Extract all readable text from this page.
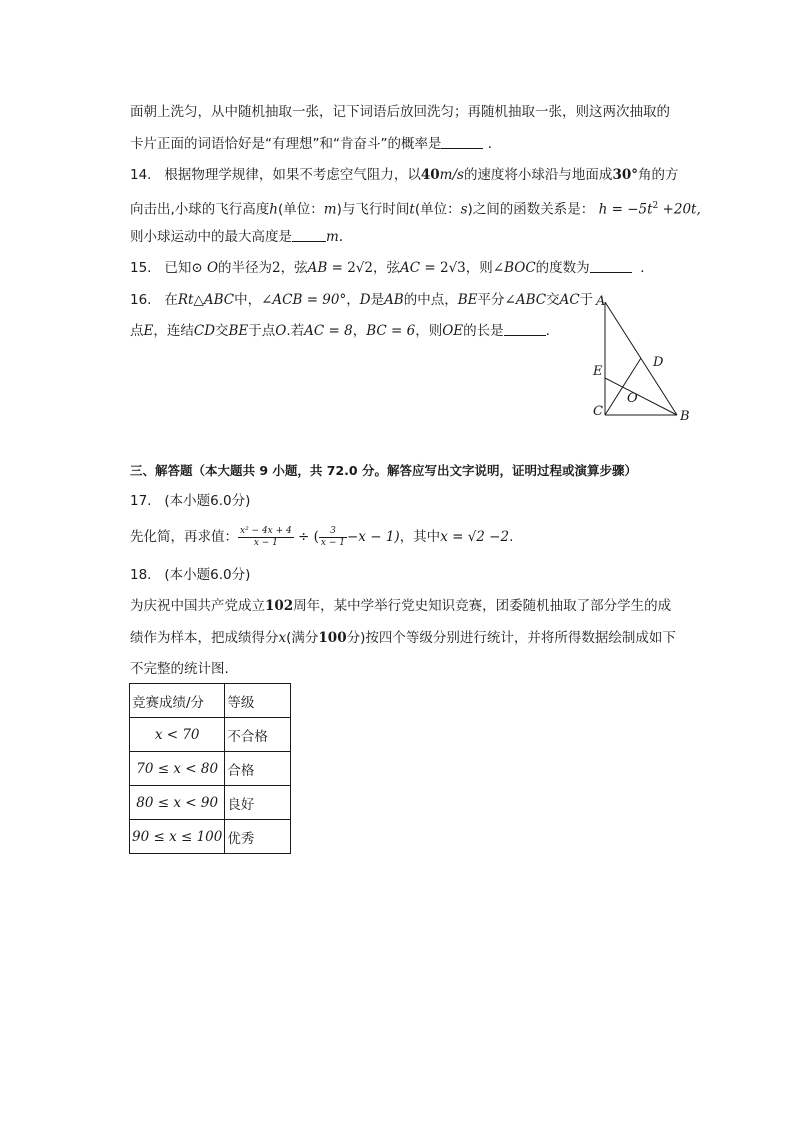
面朝上洗匀，从中随机抽取一张，记下词语后放回洗匀；再随机抽取一张，则这两次抽取的
卡片正面的词语恰好是“有理想”和“肯奋斗”的概率是	．
14. 根据物理学规律，如果不考虑空气阻力，以40m/s的速度将小球沿与地面成30°角的方
向击出,小球的飞行高度h(单位：m)与飞行时间t(单位：s)之间的函数关系是： $h = -5t^2 +20t$,
则小球运动中的最大高度是	m.
15. 已知⊙ O的半径为2，弦AB = 2√2，弦AC = 2√3，则∠BOC的度数为	．
16. 在Rt△ABC中，∠ACB = 90°，D是AB的中点，BE平分∠ABC交AC于
点E，连结CD交BE于点O.若AC = 8，BC = 6，则OE的长是	.
A
B
C
D
E
O
三、解答题（本大题共 9 小题，共 72.0 分。解答应写出文字说明，证明过程或演算步骤）
17. (本小题6.0分)
先化简，再求值： $\frac{\text{x² − 4x + 4}}{x - 1}$ ÷ ( $\frac{3}{x - 1} -x - 1$)，其中x = √2 −2.
18. (本小题6.0分)
为庆祝中国共产党成立102周年，某中学举行党史知识竞赛，团委随机抽取了部分学生的成
绩作为样本，把成绩得分x(满分100分)按四个等级分别进行统计，并将所得数据绘制成如下
不完整的统计图.
竞赛成绩/分	等级
x < 70	不合格
70 ≤ x < 80	合格
80 ≤ x < 90	良好
90 ≤ x ≤ 100	优秀
